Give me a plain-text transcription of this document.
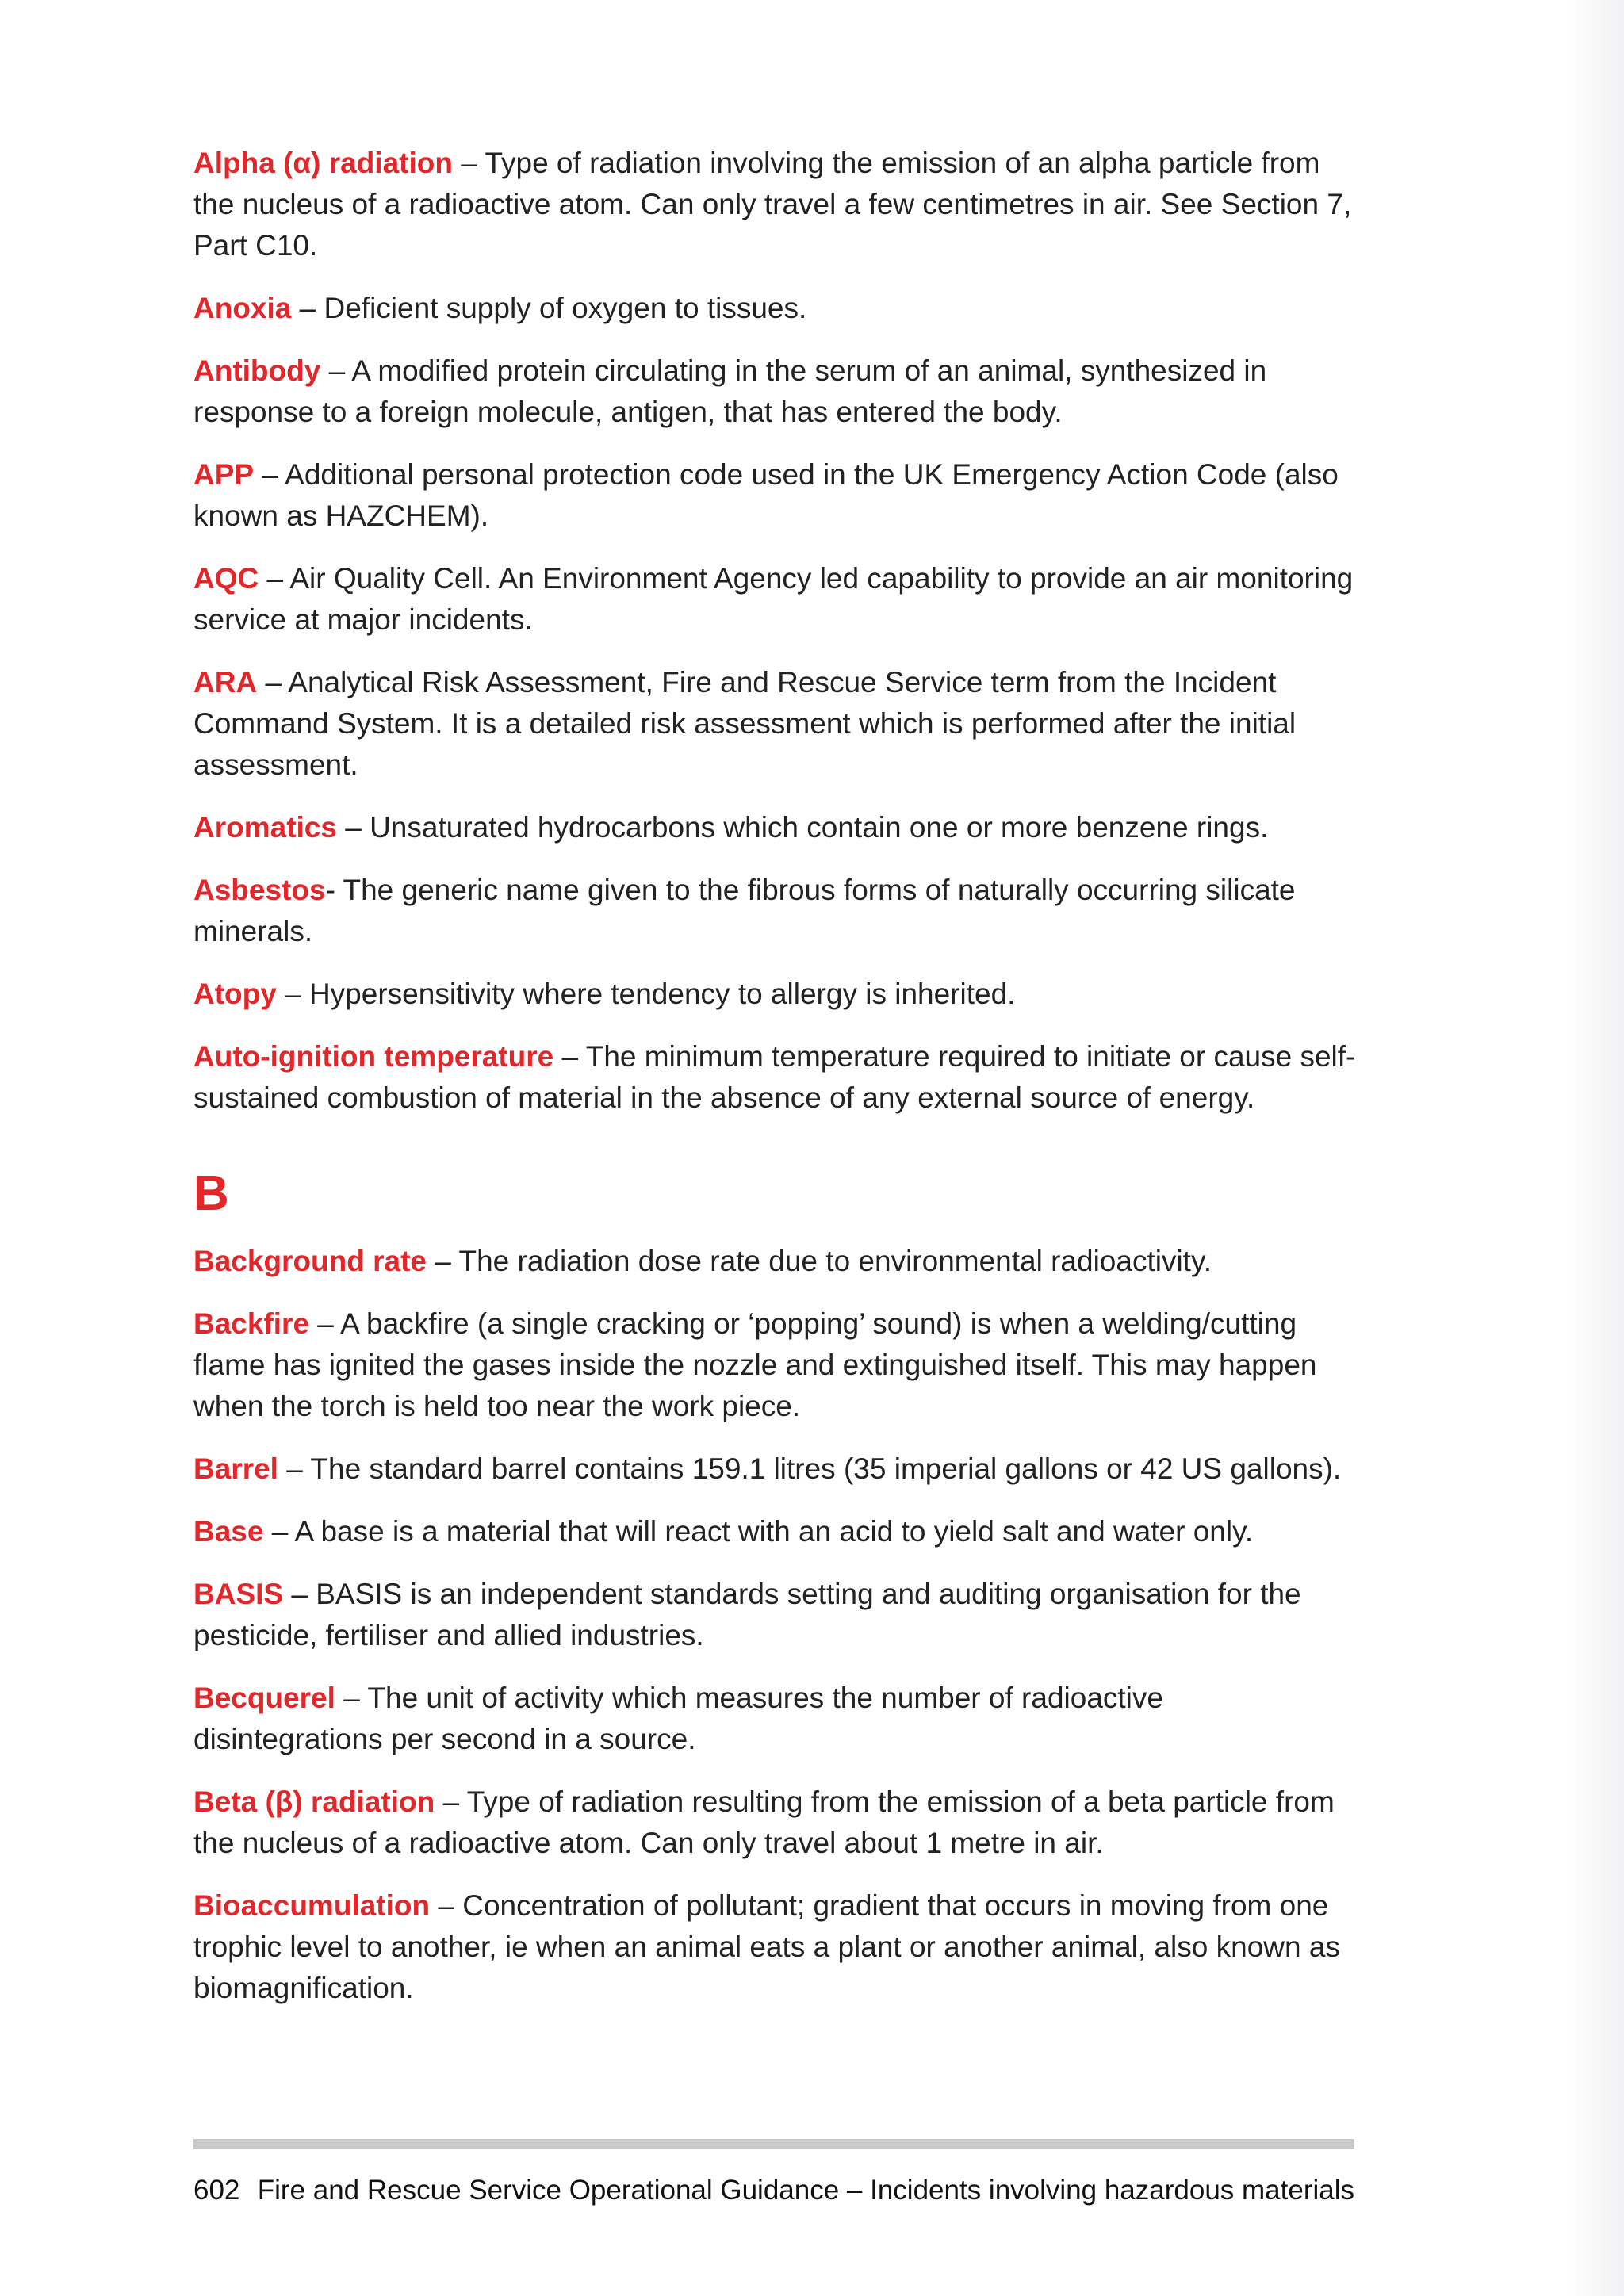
Alpha (α) radiation – Type of radiation involving the emission of an alpha particle from the nucleus of a radioactive atom. Can only travel a few centimetres in air. See Section 7, Part C10.

Anoxia – Deficient supply of oxygen to tissues.

Antibody – A modified protein circulating in the serum of an animal, synthesized in response to a foreign molecule, antigen, that has entered the body.

APP – Additional personal protection code used in the UK Emergency Action Code (also known as HAZCHEM).

AQC – Air Quality Cell. An Environment Agency led capability to provide an air monitoring service at major incidents.

ARA – Analytical Risk Assessment, Fire and Rescue Service term from the Incident Command System. It is a detailed risk assessment which is performed after the initial assessment.

Aromatics – Unsaturated hydrocarbons which contain one or more benzene rings.

Asbestos- The generic name given to the fibrous forms of naturally occurring silicate minerals.

Atopy – Hypersensitivity where tendency to allergy is inherited.

Auto-ignition temperature – The minimum temperature required to initiate or cause self-sustained combustion of material in the absence of any external source of energy.

B

Background rate – The radiation dose rate due to environmental radioactivity.

Backfire – A backfire (a single cracking or ‘popping’ sound) is when a welding/cutting flame has ignited the gases inside the nozzle and extinguished itself. This may happen when the torch is held too near the work piece.

Barrel – The standard barrel contains 159.1 litres (35 imperial gallons or 42 US gallons).

Base – A base is a material that will react with an acid to yield salt and water only.

BASIS – BASIS is an independent standards setting and auditing organisation for the pesticide, fertiliser and allied industries.

Becquerel – The unit of activity which measures the number of radioactive disintegrations per second in a source.

Beta (β) radiation – Type of radiation resulting from the emission of a beta particle from the nucleus of a radioactive atom. Can only travel about 1 metre in air.

Bioaccumulation – Concentration of pollutant; gradient that occurs in moving from one trophic level to another, ie when an animal eats a plant or another animal, also known as biomagnification.

602 Fire and Rescue Service Operational Guidance – Incidents involving hazardous materials
